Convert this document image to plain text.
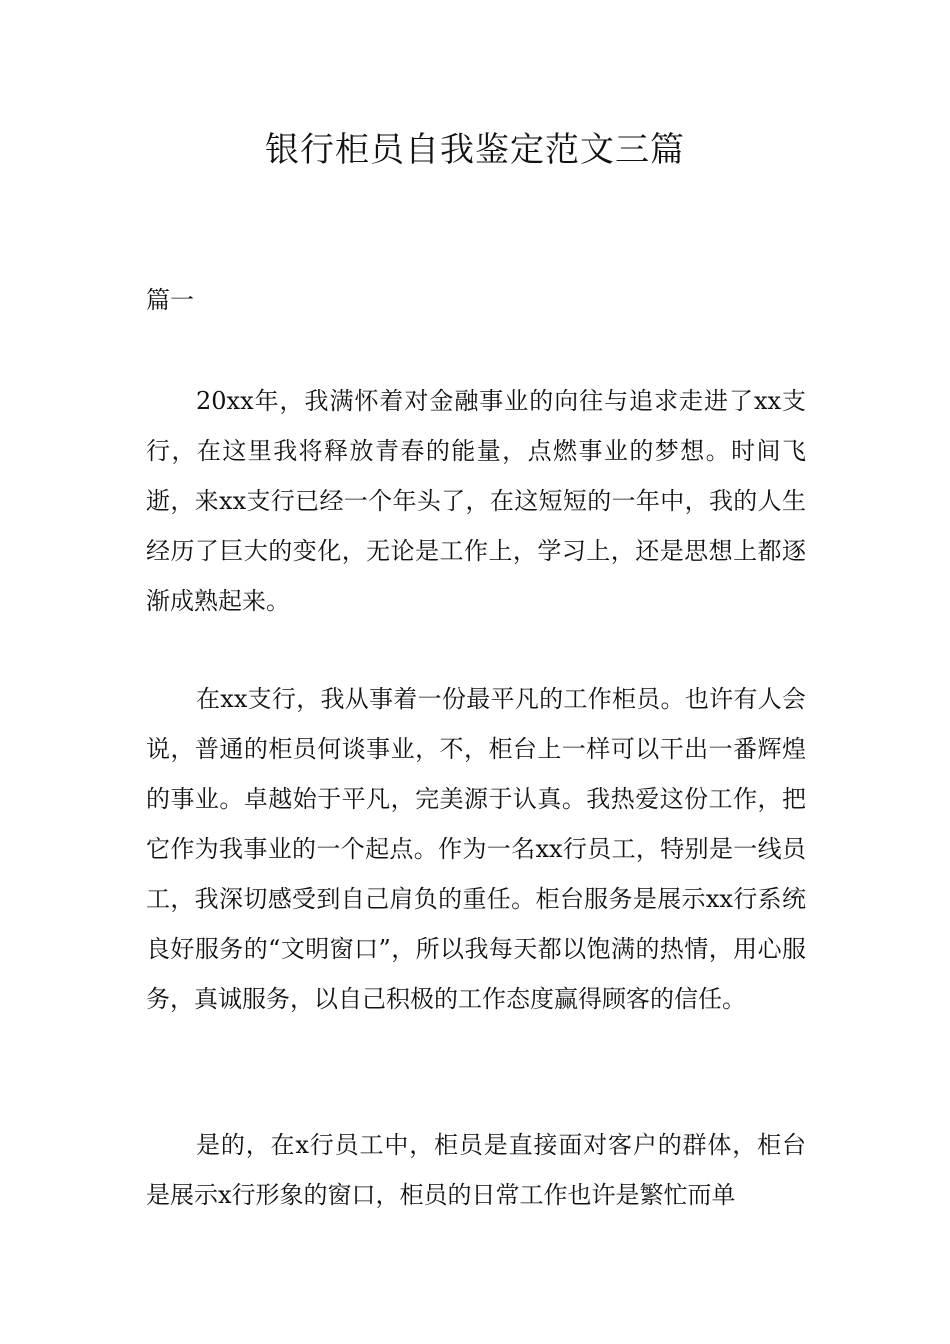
银行柜员自我鉴定范文三篇
篇一

20xx年，我满怀着对金融事业的向往与追求走进了xx支行，在这里我将释放青春的能量，点燃事业的梦想。时间飞逝，来xx支行已经一个年头了，在这短短的一年中，我的人生经历了巨大的变化，无论是工作上，学习上，还是思想上都逐渐成熟起来。

在xx支行，我从事着一份最平凡的工作柜员。也许有人会说，普通的柜员何谈事业，不，柜台上一样可以干出一番辉煌的事业。卓越始于平凡，完美源于认真。我热爱这份工作，把它作为我事业的一个起点。作为一名xx行员工，特别是一线员工，我深切感受到自己肩负的重任。柜台服务是展示xx行系统良好服务的“文明窗口”，所以我每天都以饱满的热情，用心服务，真诚服务，以自己积极的工作态度赢得顾客的信任。

是的，在x行员工中，柜员是直接面对客户的群体，柜台是展示x行形象的窗口，柜员的日常工作也许是繁忙而单
